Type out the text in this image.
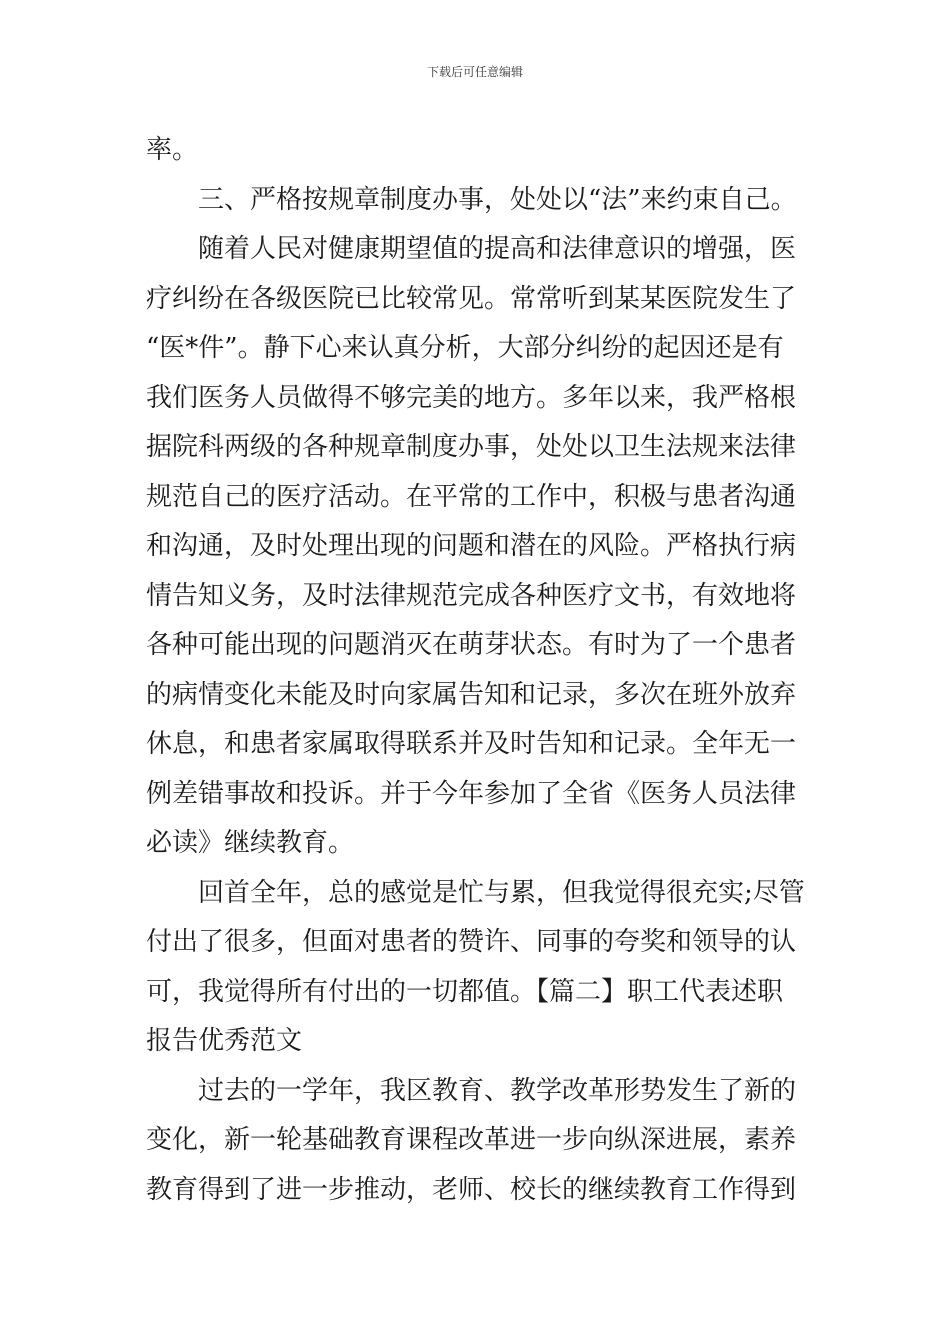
下载后可任意编辑
率。
三、严格按规章制度办事，处处以“法”来约束自己。
随着人民对健康期望值的提高和法律意识的增强，医
疗纠纷在各级医院已比较常见。常常听到某某医院发生了
“医*件”。静下心来认真分析，大部分纠纷的起因还是有
我们医务人员做得不够完美的地方。多年以来，我严格根
据院科两级的各种规章制度办事，处处以卫生法规来法律
规范自己的医疗活动。在平常的工作中，积极与患者沟通
和沟通，及时处理出现的问题和潜在的风险。严格执行病
情告知义务，及时法律规范完成各种医疗文书，有效地将
各种可能出现的问题消灭在萌芽状态。有时为了一个患者
的病情变化未能及时向家属告知和记录，多次在班外放弃
休息，和患者家属取得联系并及时告知和记录。全年无一
例差错事故和投诉。并于今年参加了全省《医务人员法律
必读》继续教育。
回首全年，总的感觉是忙与累，但我觉得很充实;尽管
付出了很多，但面对患者的赞许、同事的夸奖和领导的认
可，我觉得所有付出的一切都值。【篇二】职工代表述职
报告优秀范文
过去的一学年，我区教育、教学改革形势发生了新的
变化，新一轮基础教育课程改革进一步向纵深进展，素养
教育得到了进一步推动，老师、校长的继续教育工作得到
